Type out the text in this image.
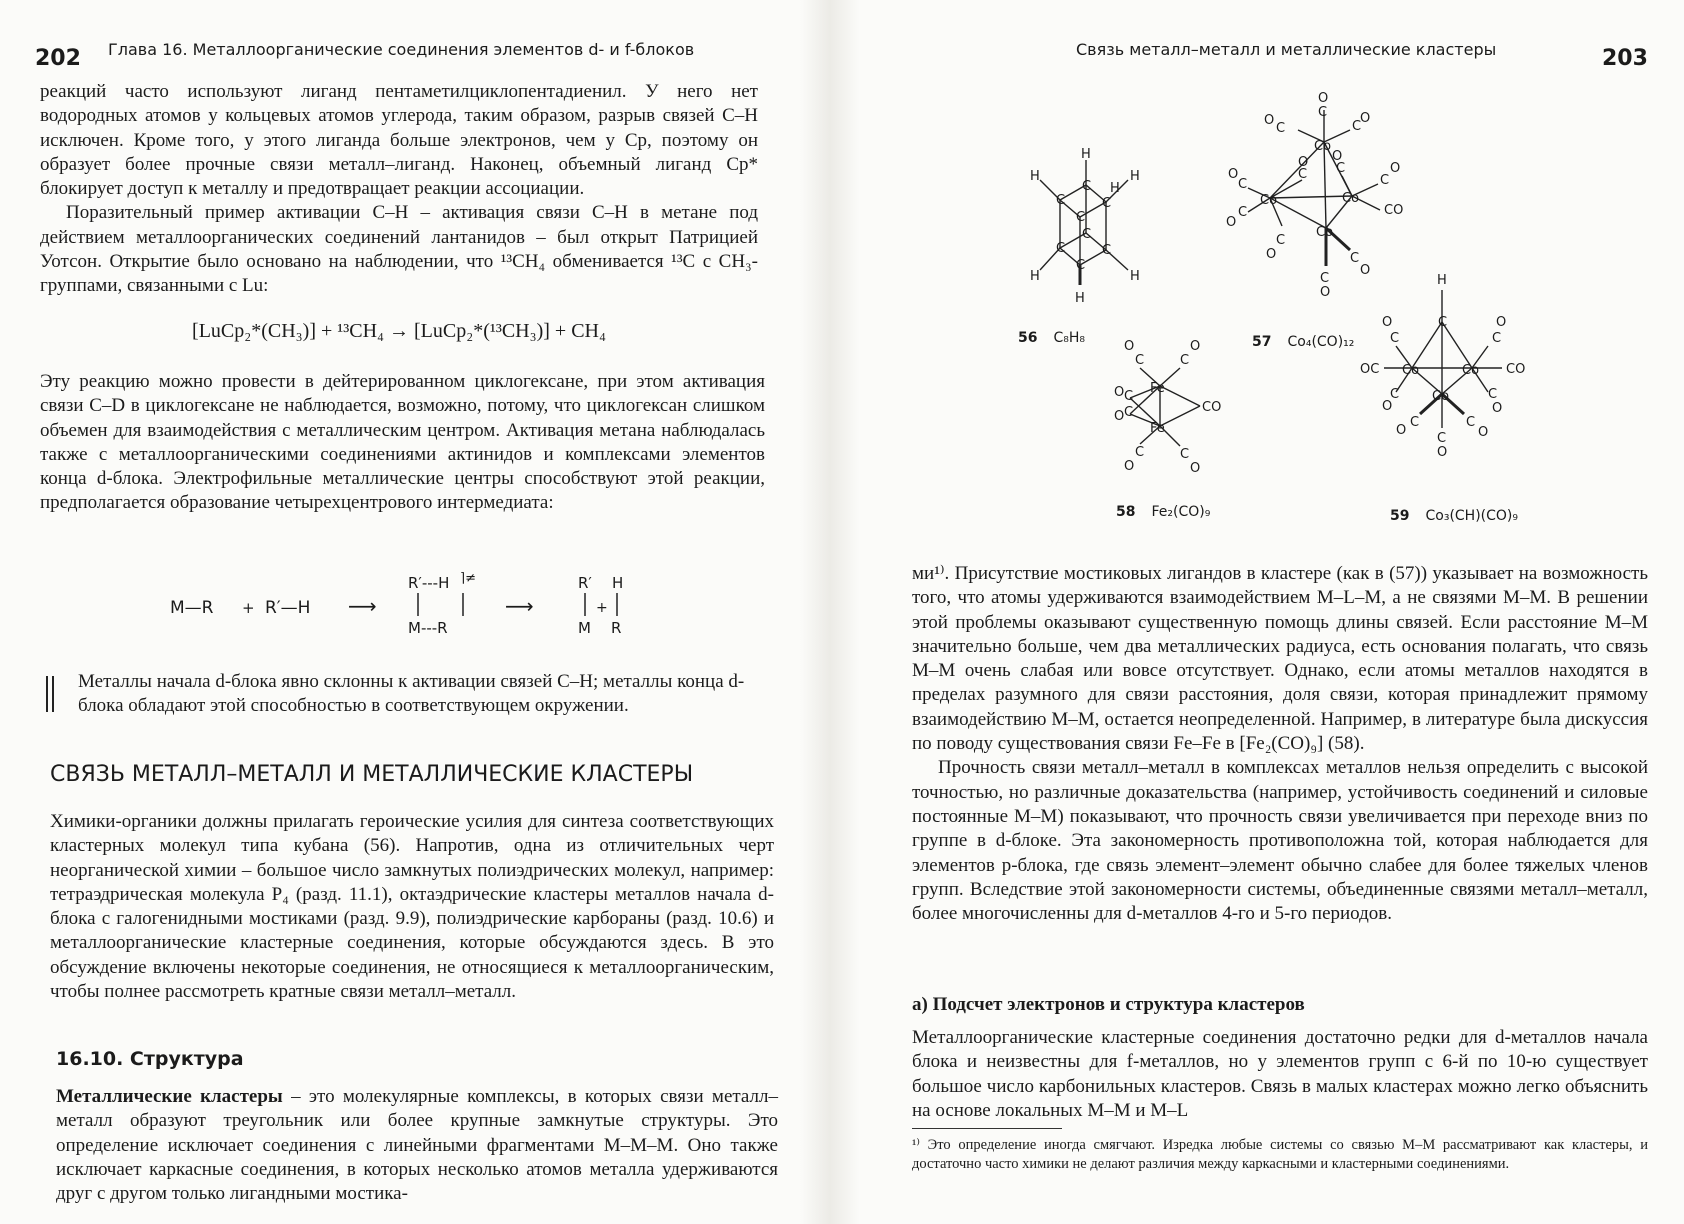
202 Глава 16. Металлоорганические соединения элементов d- и f-блоков

реакций часто используют лиганд пентаметилциклопентадиенил. У него нет водородных атомов у кольцевых атомов углерода, таким образом, разрыв связей C–H исключен. Кроме того, у этого лиганда больше электронов, чем у Cp, поэтому он образует более прочные связи металл–лиганд. Наконец, объемный лиганд Cp* блокирует доступ к металлу и предотвращает реакции ассоциации.

Поразительный пример активации C–H – активация связи C–H в метане под действием металлоорганических соединений лантанидов – был открыт Патрицией Уотсон. Открытие было основано на наблюдении, что ¹³CH₄ обменивается ¹³C с CH₃-группами, связанными с Lu:

[LuCp₂*(CH₃)] + ¹³CH₄ → [LuCp₂*(¹³CH₃)] + CH₄

Эту реакцию можно провести в дейтерированном циклогексане, при этом активация связи C–D в циклогексане не наблюдается, возможно, потому, что циклогексан слишком объемен для взаимодействия с металлическим центром. Активация метана наблюдалась также с металлоорганическими соединениями актинидов и комплексами элементов конца d-блока. Электрофильные металлические центры способствуют этой реакции, предполагается образование четырехцентрового интермедиата:

M—R + R′—H ⟶
R′---H ⌉≠
M---R
⟶
R′ H
+
M R
Металлы начала d-блока явно склонны к активации связей C–H; металлы конца d-блока обладают этой способностью в соответствующем окружении.
СВЯЗЬ МЕТАЛЛ–МЕТАЛЛ И МЕТАЛЛИЧЕСКИЕ КЛАСТЕРЫ

Химики-органики должны прилагать героические усилия для синтеза соответствующих кластерных молекул типа кубана (56). Напротив, одна из отличительных черт неорганической химии – большое число замкнутых полиэдрических молекул, например: тетраэдрическая молекула P₄ (разд. 11.1), октаэдрические кластеры металлов начала d-блока с галогенидными мостиками (разд. 9.9), полиэдрические карбораны (разд. 10.6) и металлоорганические кластерные соединения, которые обсуждаются здесь. В это обсуждение включены некоторые соединения, не относящиеся к металлоорганическим, чтобы полнее рассмотреть кратные связи металл–металл.

16.10. Структура

Металлические кластеры – это молекулярные комплексы, в которых связи металл–металл образуют треугольник или более крупные замкнутые структуры. Это определение исключает соединения с линейными фрагментами M–M–M. Оно также исключает каркасные соединения, в которых несколько атомов металла удерживаются друг с другом только лигандными мостика-

Связь металл–металл и металлические кластеры	203
H
H	H
H
H	H
H
C
C
C
C
C
C
C
C
O
C
Co
O
C	C
O
Co	Co
Co
O
C
O
C
C
O
CO
C
O
C
O
C
O
C
O C
O
Fe
Fe
CO
O
C	C
O
O C
O C
C
O
C
O
H
C
Co	Co
Co
OC	CO
O
C	C
O
O
C	C
O
C
O
C
O
C
O
56 C₈H₈	57 Co₄(CO)₁₂
58 Fe₂(CO)₉	59 Co₃(CH)(CO)₉

ми¹⁾. Присутствие мостиковых лигандов в кластере (как в (57)) указывает на возможность того, что атомы удерживаются взаимодействием M–L–M, а не связями M–M. В решении этой проблемы оказывают существенную помощь длины связей. Если расстояние M–M значительно больше, чем два металлических радиуса, есть основания полагать, что связь M–M очень слабая или вовсе отсутствует. Однако, если атомы металлов находятся в пределах разумного для связи расстояния, доля связи, которая принадлежит прямому взаимодействию M–M, остается неопределенной. Например, в литературе была дискуссия по поводу существования связи Fe–Fe в [Fe₂(CO)₉] (58).

Прочность связи металл–металл в комплексах металлов нельзя определить с высокой точностью, но различные доказательства (например, устойчивость соединений и силовые постоянные M–M) показывают, что прочность связи увеличивается при переходе вниз по группе в d-блоке. Эта закономерность противоположна той, которая наблюдается для элементов p-блока, где связь элемент–элемент обычно слабее для более тяжелых членов групп. Вследствие этой закономерности системы, объединенные связями металл–металл, более многочисленны для d-металлов 4-го и 5-го периодов.

а) Подсчет электронов и структура кластеров

Металлоорганические кластерные соединения достаточно редки для d-металлов начала блока и неизвестны для f-металлов, но у элементов групп с 6-й по 10-ю существует большое число карбонильных кластеров. Связь в малых кластерах можно легко объяснить на основе локальных M–M и M–L

¹⁾ Это определение иногда смягчают. Изредка любые системы со связью M–M рассматривают как кластеры, и достаточно часто химики не делают различия между каркасными и кластерными соединениями.
